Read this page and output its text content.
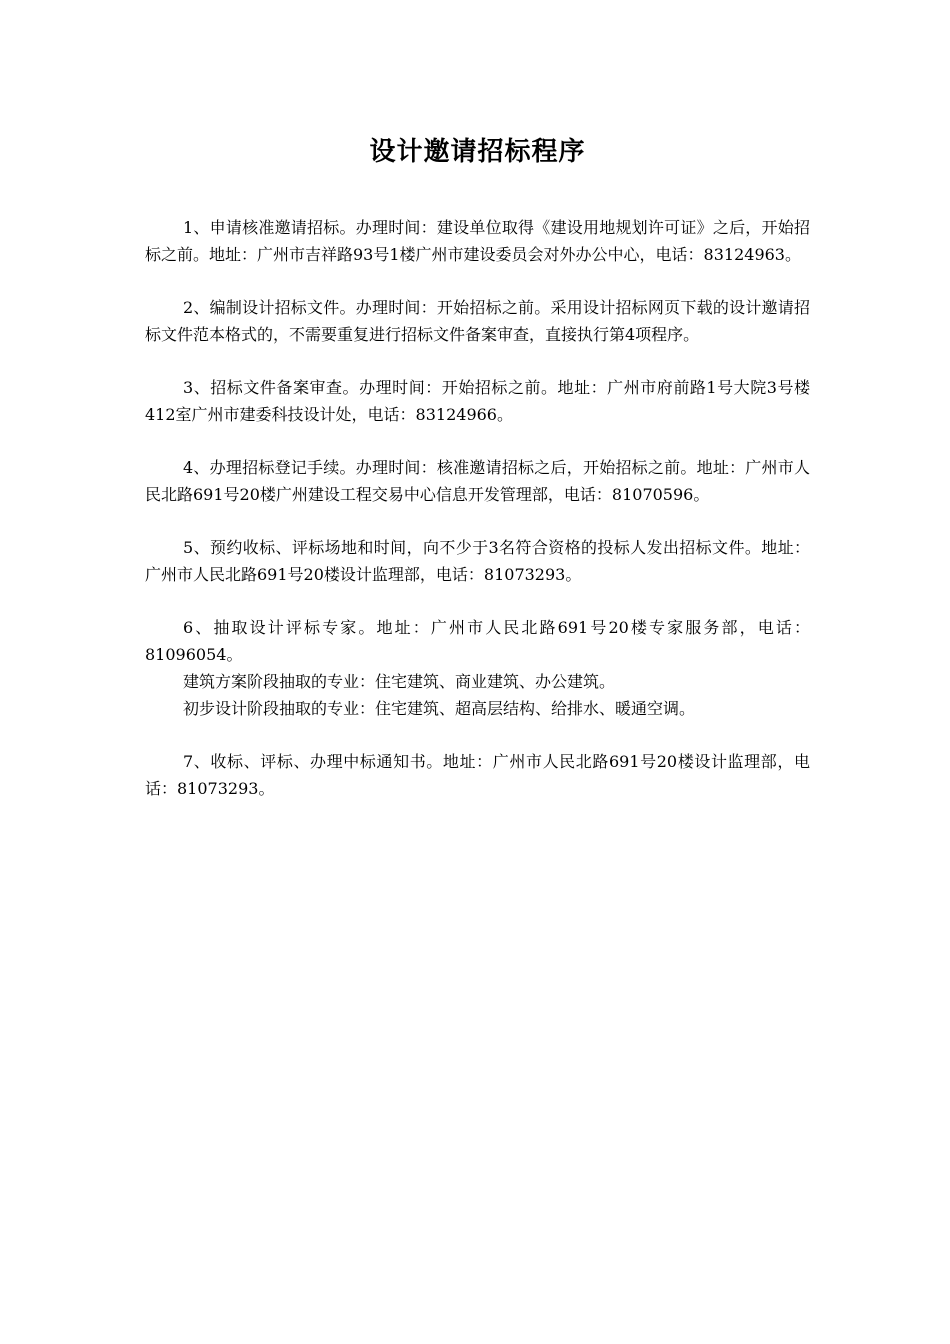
设计邀请招标程序

1、申请核准邀请招标。办理时间：建设单位取得《建设用地规划许可证》之后，开始招标之前。地址：广州市吉祥路93号1楼广州市建设委员会对外办公中心，电话：83124963。

2、编制设计招标文件。办理时间：开始招标之前。采用设计招标网页下载的设计邀请招标文件范本格式的，不需要重复进行招标文件备案审查，直接执行第4项程序。

3、招标文件备案审查。办理时间：开始招标之前。地址：广州市府前路1号大院3号楼412室广州市建委科技设计处，电话：83124966。

4、办理招标登记手续。办理时间：核准邀请招标之后，开始招标之前。地址：广州市人民北路691号20楼广州建设工程交易中心信息开发管理部，电话：81070596。

5、预约收标、评标场地和时间，向不少于3名符合资格的投标人发出招标文件。地址：广州市人民北路691号20楼设计监理部，电话：81073293。

6、抽取设计评标专家。地址：广州市人民北路691号20楼专家服务部，电话：81096054。

建筑方案阶段抽取的专业：住宅建筑、商业建筑、办公建筑。

初步设计阶段抽取的专业：住宅建筑、超高层结构、给排水、暖通空调。

7、收标、评标、办理中标通知书。地址：广州市人民北路691号20楼设计监理部，电话：81073293。
